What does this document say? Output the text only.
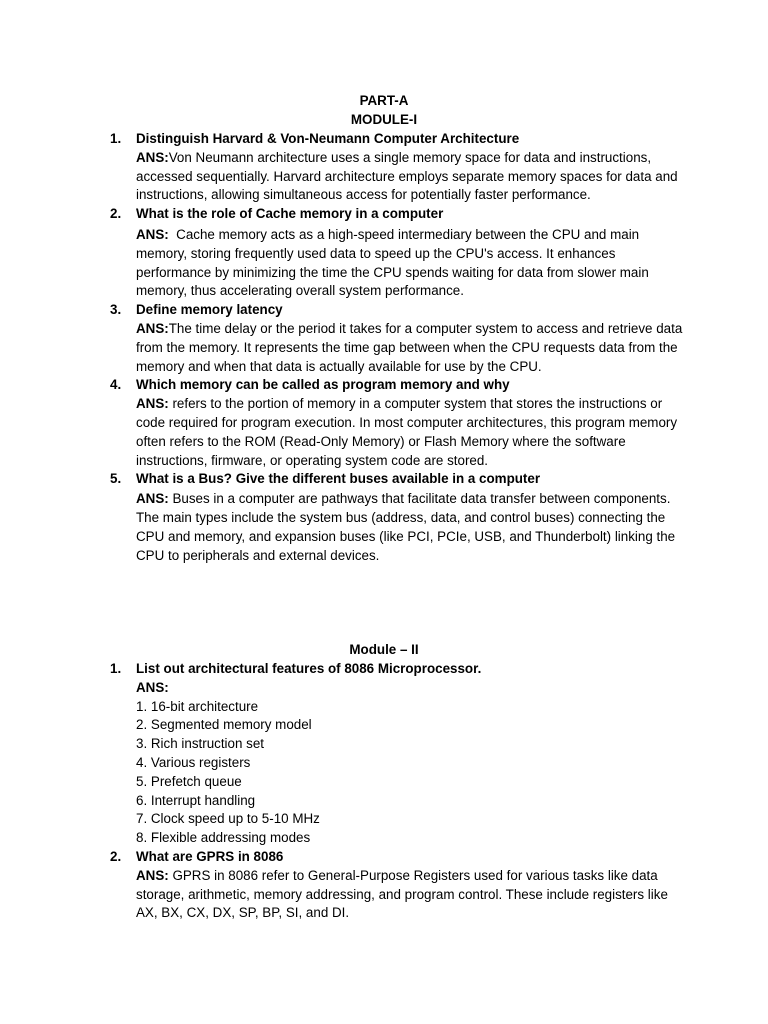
PART-A
MODULE-I
1. Distinguish Harvard & Von-Neumann Computer Architecture

ANS:Von Neumann architecture uses a single memory space for data and instructions, accessed sequentially. Harvard architecture employs separate memory spaces for data and instructions, allowing simultaneous access for potentially faster performance.

2. What is the role of Cache memory in a computer

ANS:  Cache memory acts as a high-speed intermediary between the CPU and main memory, storing frequently used data to speed up the CPU's access. It enhances performance by minimizing the time the CPU spends waiting for data from slower main memory, thus accelerating overall system performance.

3. Define memory latency

ANS:The time delay or the period it takes for a computer system to access and retrieve data from the memory. It represents the time gap between when the CPU requests data from the memory and when that data is actually available for use by the CPU.

4. Which memory can be called as program memory and why

ANS: refers to the portion of memory in a computer system that stores the instructions or code required for program execution. In most computer architectures, this program memory often refers to the ROM (Read-Only Memory) or Flash Memory where the software instructions, firmware, or operating system code are stored.

5. What is a Bus? Give the different buses available in a computer

ANS: Buses in a computer are pathways that facilitate data transfer between components. The main types include the system bus (address, data, and control buses) connecting the CPU and memory, and expansion buses (like PCI, PCIe, USB, and Thunderbolt) linking the CPU to peripherals and external devices.

Module – II
1. List out architectural features of 8086 Microprocessor.
ANS:

1. 16-bit architecture

2. Segmented memory model

3. Rich instruction set

4. Various registers

5. Prefetch queue

6. Interrupt handling

7. Clock speed up to 5-10 MHz

8. Flexible addressing modes

2. What are GPRS in 8086

ANS: GPRS in 8086 refer to General-Purpose Registers used for various tasks like data storage, arithmetic, memory addressing, and program control. These include registers like AX, BX, CX, DX, SP, BP, SI, and DI.
